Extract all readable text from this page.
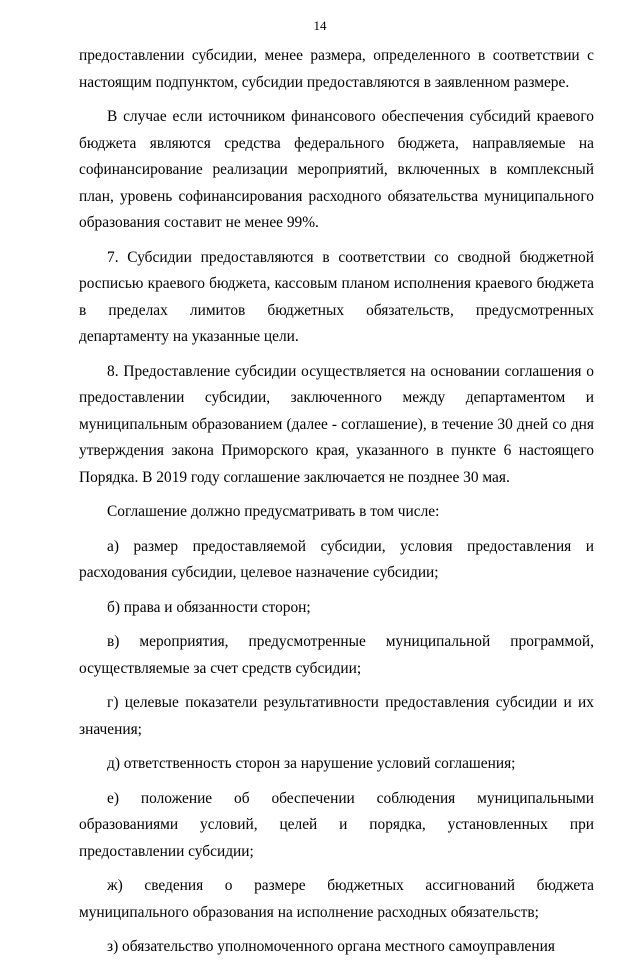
14

предоставлении субсидии, менее размера, определенного в соответствии с настоящим подпунктом, субсидии предоставляются в заявленном размере.

В случае если источником финансового обеспечения субсидий краевого бюджета являются средства федерального бюджета, направляемые на софинансирование реализации мероприятий, включенных в комплексный план, уровень софинансирования расходного обязательства муниципального образования составит не менее 99%.

7. Субсидии предоставляются в соответствии со сводной бюджетной росписью краевого бюджета, кассовым планом исполнения краевого бюджета в пределах лимитов бюджетных обязательств, предусмотренных департаменту на указанные цели.

8. Предоставление субсидии осуществляется на основании соглашения о предоставлении субсидии, заключенного между департаментом и муниципальным образованием (далее - соглашение), в течение 30 дней со дня утверждения закона Приморского края, указанного в пункте 6 настоящего Порядка. В 2019 году соглашение заключается не позднее 30 мая.

Соглашение должно предусматривать в том числе:

а) размер предоставляемой субсидии, условия предоставления и расходования субсидии, целевое назначение субсидии;

б) права и обязанности сторон;

в) мероприятия, предусмотренные муниципальной программой, осуществляемые за счет средств субсидии;

г) целевые показатели результативности предоставления субсидии и их значения;

д) ответственность сторон за нарушение условий соглашения;

е) положение об обеспечении соблюдения муниципальными образованиями условий, целей и порядка, установленных при предоставлении субсидии;

ж) сведения о размере бюджетных ассигнований бюджета муниципального образования на исполнение расходных обязательств;

з) обязательство уполномоченного органа местного самоуправления
